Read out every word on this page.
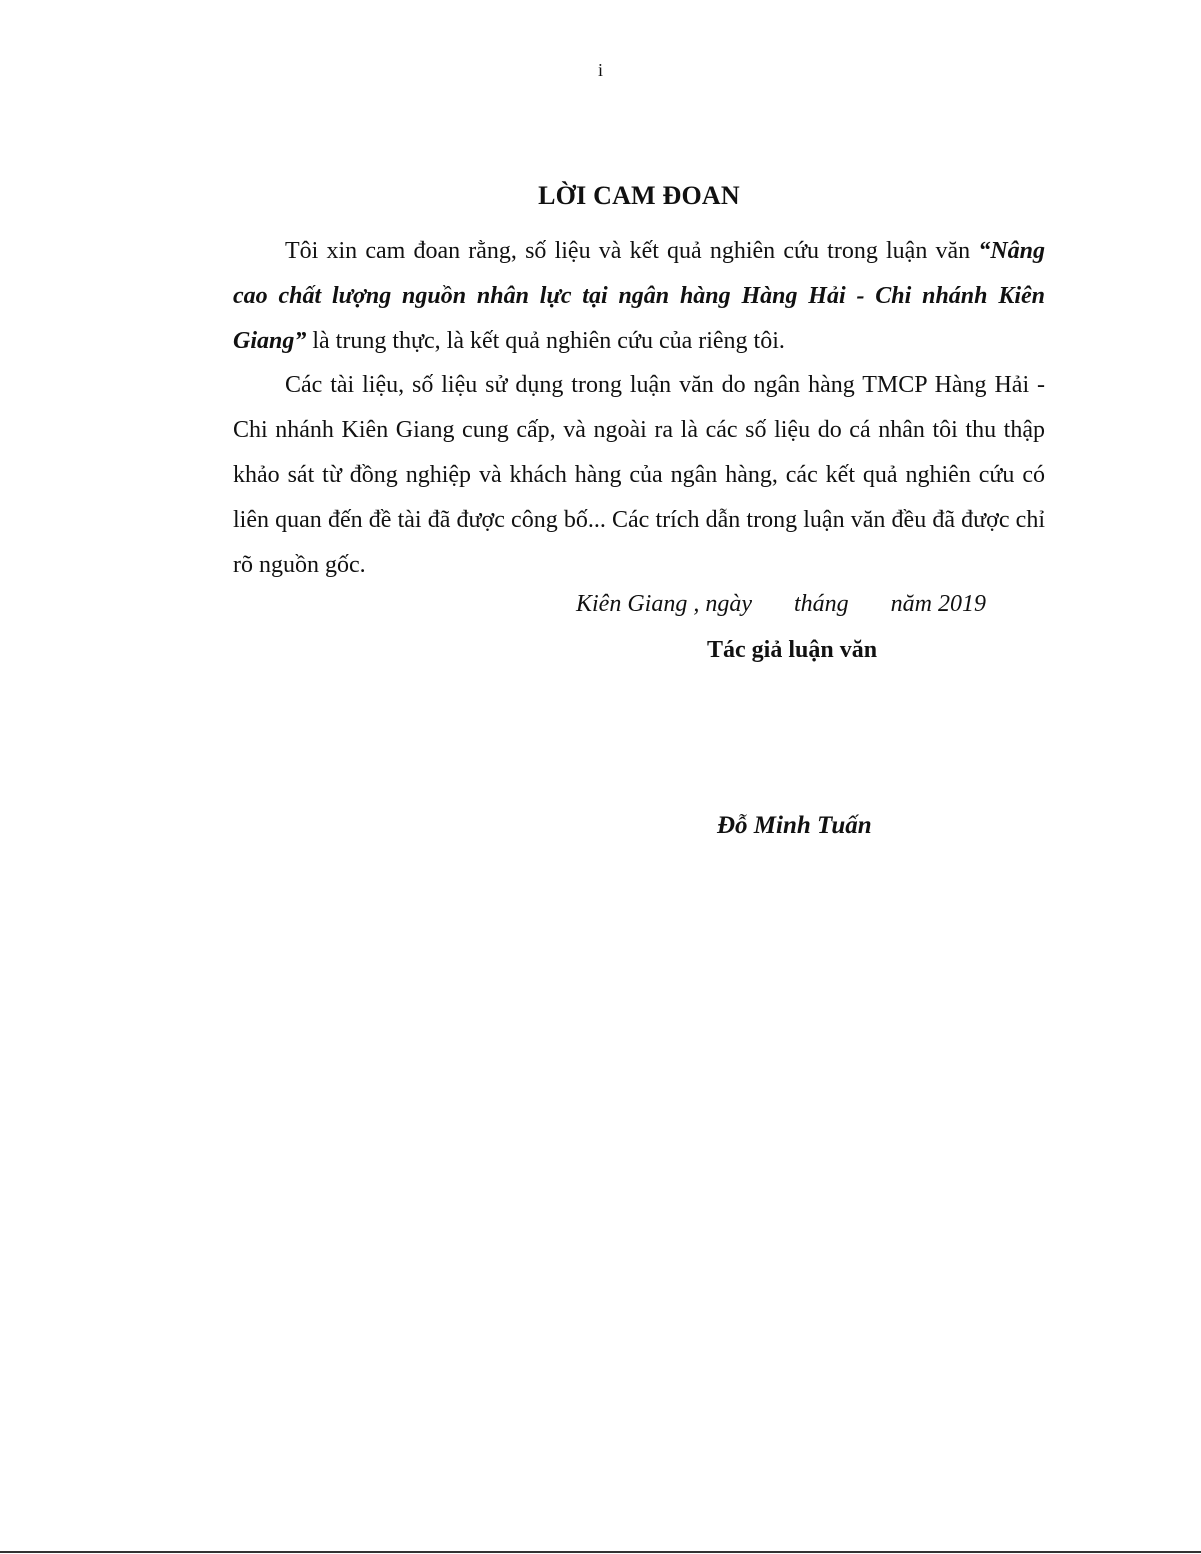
i
LỜI CAM ĐOAN

Tôi xin cam đoan rằng, số liệu và kết quả nghiên cứu trong luận văn “Nâng cao chất lượng nguồn nhân lực tại ngân hàng Hàng Hải - Chi nhánh Kiên Giang” là trung thực, là kết quả nghiên cứu của riêng tôi.

Các tài liệu, số liệu sử dụng trong luận văn do ngân hàng TMCP Hàng Hải - Chi nhánh Kiên Giang cung cấp, và ngoài ra là các số liệu do cá nhân tôi thu thập khảo sát từ đồng nghiệp và khách hàng của ngân hàng, các kết quả nghiên cứu có liên quan đến đề tài đã được công bố... Các trích dẫn trong luận văn đều đã được chỉ rõ nguồn gốc.

Kiên Giang , ngày       tháng       năm 2019
Tác giả luận văn
Đỗ Minh Tuấn
